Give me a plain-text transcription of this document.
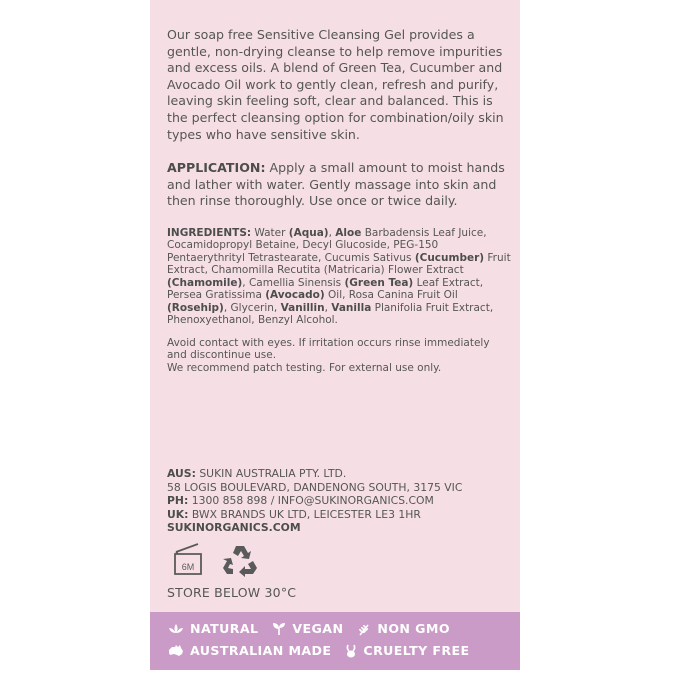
Our soap free Sensitive Cleansing Gel provides a gentle, non-drying cleanse to help remove impurities and excess oils. A blend of Green Tea, Cucumber and Avocado Oil work to gently clean, refresh and purify, leaving skin feeling soft, clear and balanced. This is the perfect cleansing option for combination/oily skin types who have sensitive skin.

APPLICATION: Apply a small amount to moist hands and lather with water. Gently massage into skin and then rinse thoroughly. Use once or twice daily.

INGREDIENTS: Water (Aqua), Aloe Barbadensis Leaf Juice, Cocamidopropyl Betaine, Decyl Glucoside, PEG-150 Pentaerythrityl Tetrastearate, Cucumis Sativus (Cucumber) Fruit Extract, Chamomilla Recutita (Matricaria) Flower Extract (Chamomile), Camellia Sinensis (Green Tea) Leaf Extract, Persea Gratissima (Avocado) Oil, Rosa Canina Fruit Oil (Rosehip), Glycerin, Vanillin, Vanilla Planifolia Fruit Extract, Phenoxyethanol, Benzyl Alcohol.

Avoid contact with eyes. If irritation occurs rinse immediately and discontinue use.
We recommend patch testing. For external use only.

AUS: SUKIN AUSTRALIA PTY. LTD.
58 LOGIS BOULEVARD, DANDENONG SOUTH, 3175 VIC
PH: 1300 858 898 / INFO@SUKINORGANICS.COM
UK: BWX BRANDS UK LTD, LEICESTER LE3 1HR
SUKINORGANICS.COM
6M
STORE BELOW 30°C
NATURAL	VEGAN	NON GMO
AUSTRALIAN MADE	CRUELTY FREE
